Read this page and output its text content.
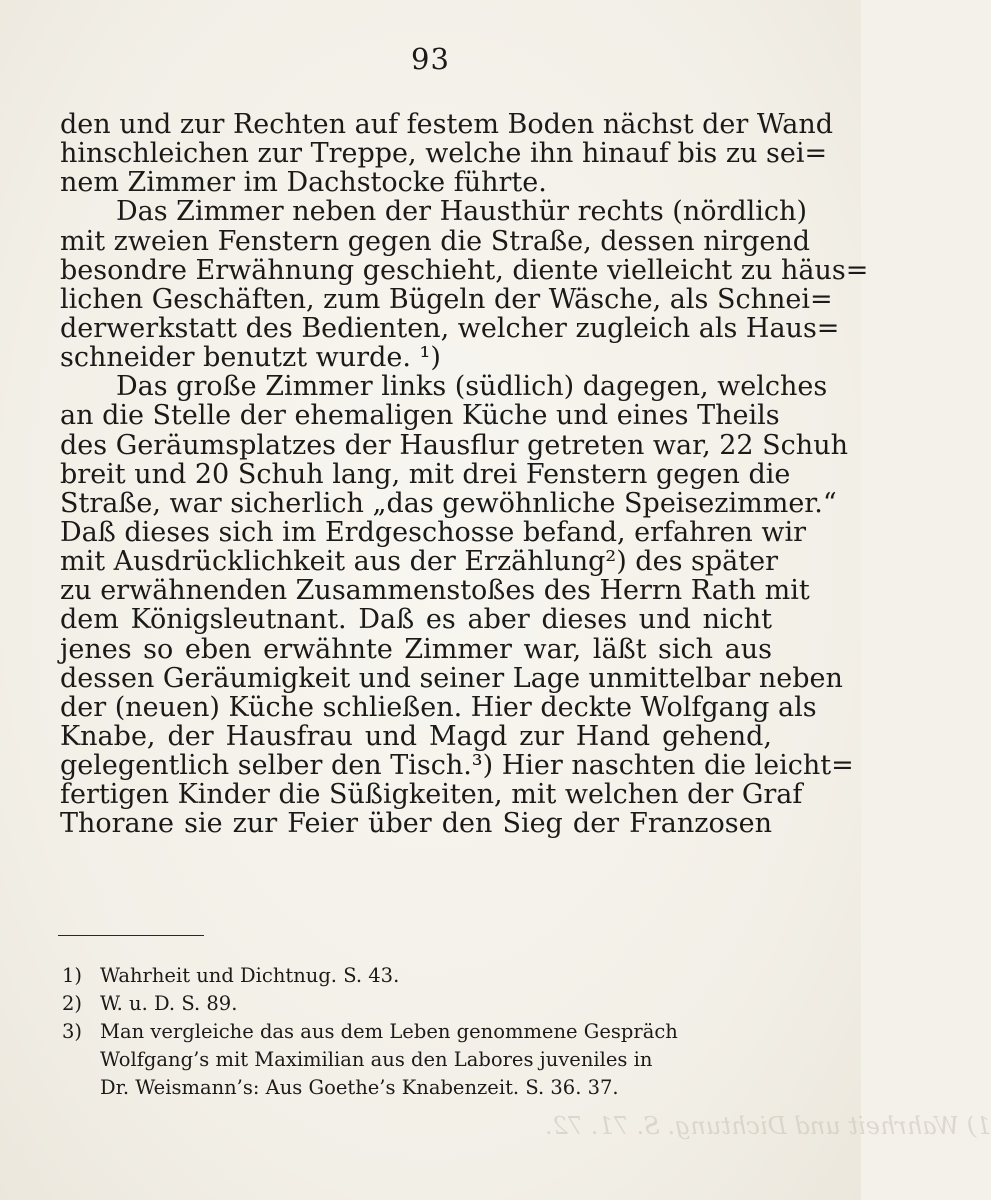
93
den und zur Rechten auf festem Boden nächst der Wand
hinschleichen zur Treppe, welche ihn hinauf bis zu sei=
nem Zimmer im Dachstocke führte.
Das Zimmer neben der Hausthür rechts (nördlich)
mit zweien Fenstern gegen die Straße, dessen nirgend
besondre Erwähnung geschieht, diente vielleicht zu häus=
lichen Geschäften, zum Bügeln der Wäsche, als Schnei=
derwerkstatt des Bedienten, welcher zugleich als Haus=
schneider benutzt wurde. ¹)
Das große Zimmer links (südlich) dagegen, welches
an die Stelle der ehemaligen Küche und eines Theils
des Geräumsplatzes der Hausflur getreten war, 22 Schuh
breit und 20 Schuh lang, mit drei Fenstern gegen die
Straße, war sicherlich „das gewöhnliche Speisezimmer.“
Daß dieses sich im Erdgeschosse befand, erfahren wir
mit Ausdrücklichkeit aus der Erzählung²) des später
zu erwähnenden Zusammenstoßes des Herrn Rath mit
dem Königsleutnant. Daß es aber dieses und nicht
jenes so eben erwähnte Zimmer war, läßt sich aus
dessen Geräumigkeit und seiner Lage unmittelbar neben
der (neuen) Küche schließen. Hier deckte Wolfgang als
Knabe, der Hausfrau und Magd zur Hand gehend,
gelegentlich selber den Tisch.³) Hier naschten die leicht=
fertigen Kinder die Süßigkeiten, mit welchen der Graf
Thorane sie zur Feier über den Sieg der Franzosen
1) Wahrheit und Dichtnug. S. 43.
2) W. u. D. S. 89.
3) Man vergleiche das aus dem Leben genommene Gespräch
Wolfgang’s mit Maximilian aus den Labores juveniles in
Dr. Weismann’s: Aus Goethe’s Knabenzeit. S. 36. 37.
1) Wahrheit und Dichtung. S. 71. 72.
